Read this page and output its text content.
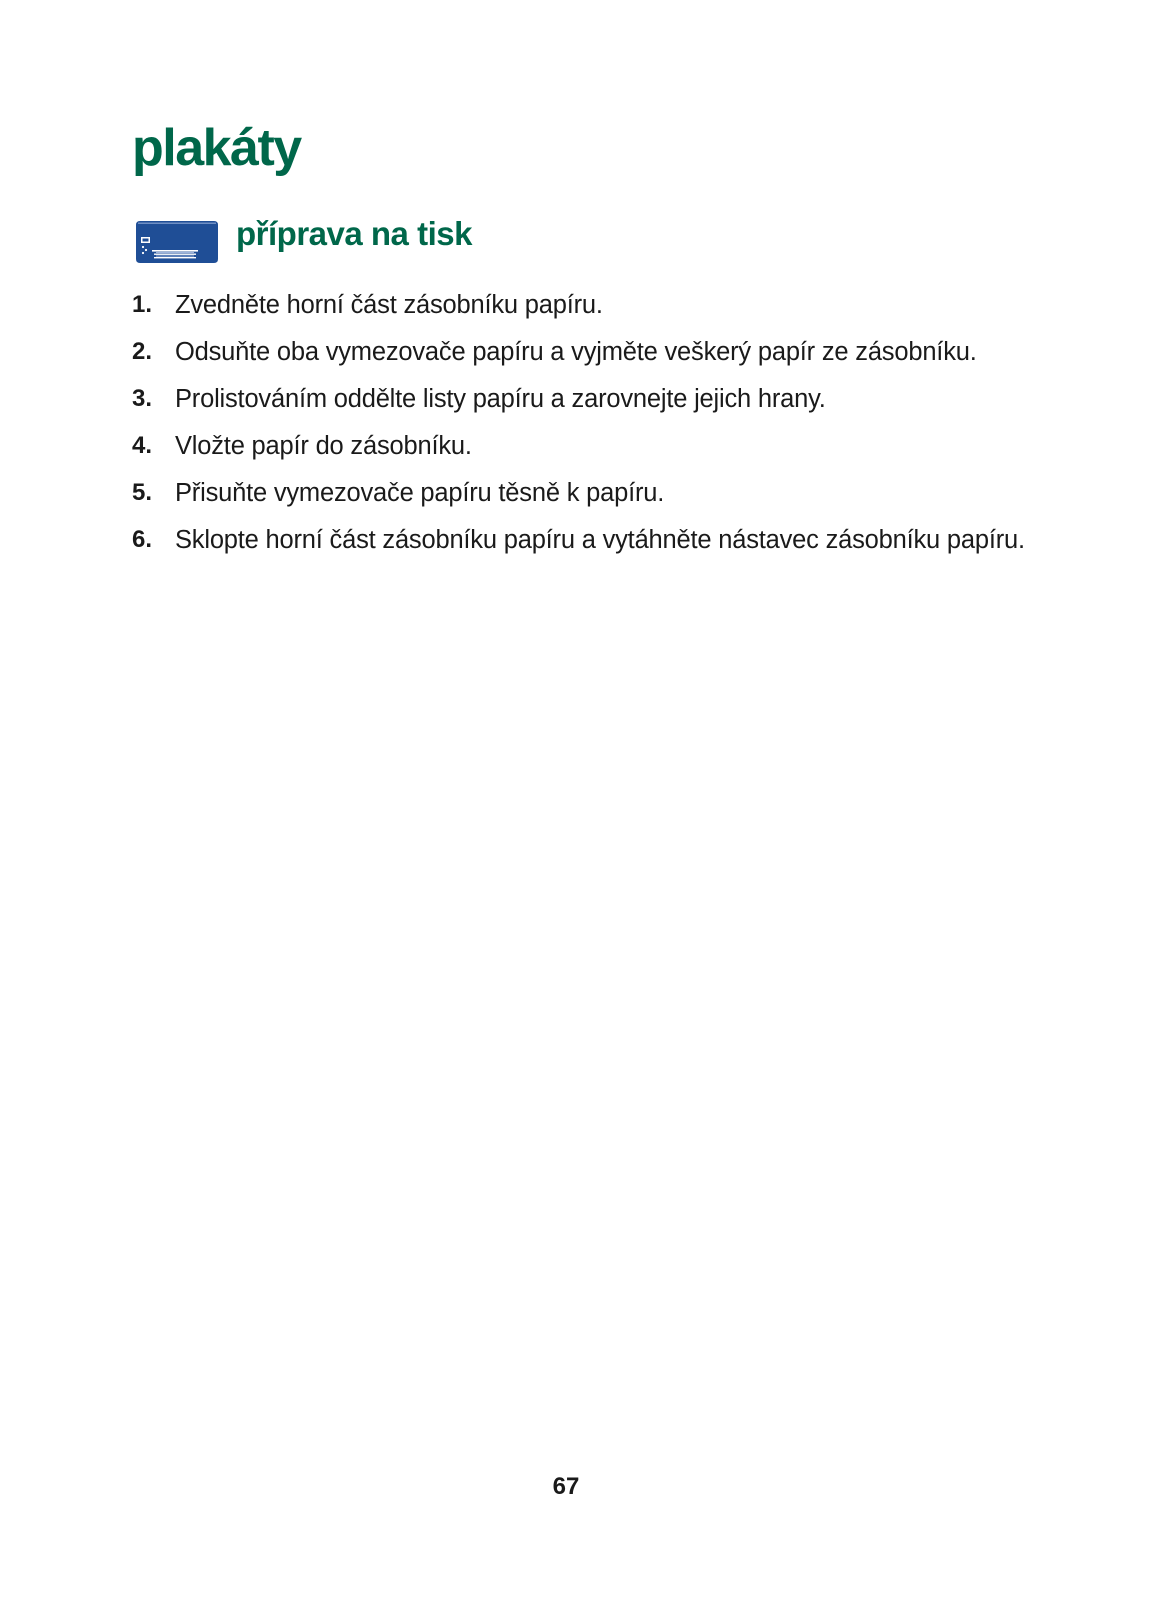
plakáty
příprava na tisk
1. Zvedněte horní část zásobníku papíru.
2. Odsuňte oba vymezovače papíru a vyjměte veškerý papír ze zásobníku.
3. Prolistováním oddělte listy papíru a zarovnejte jejich hrany.
4. Vložte papír do zásobníku.
5. Přisuňte vymezovače papíru těsně k papíru.
6. Sklopte horní část zásobníku papíru a vytáhněte nástavec zásobníku papíru.
67
